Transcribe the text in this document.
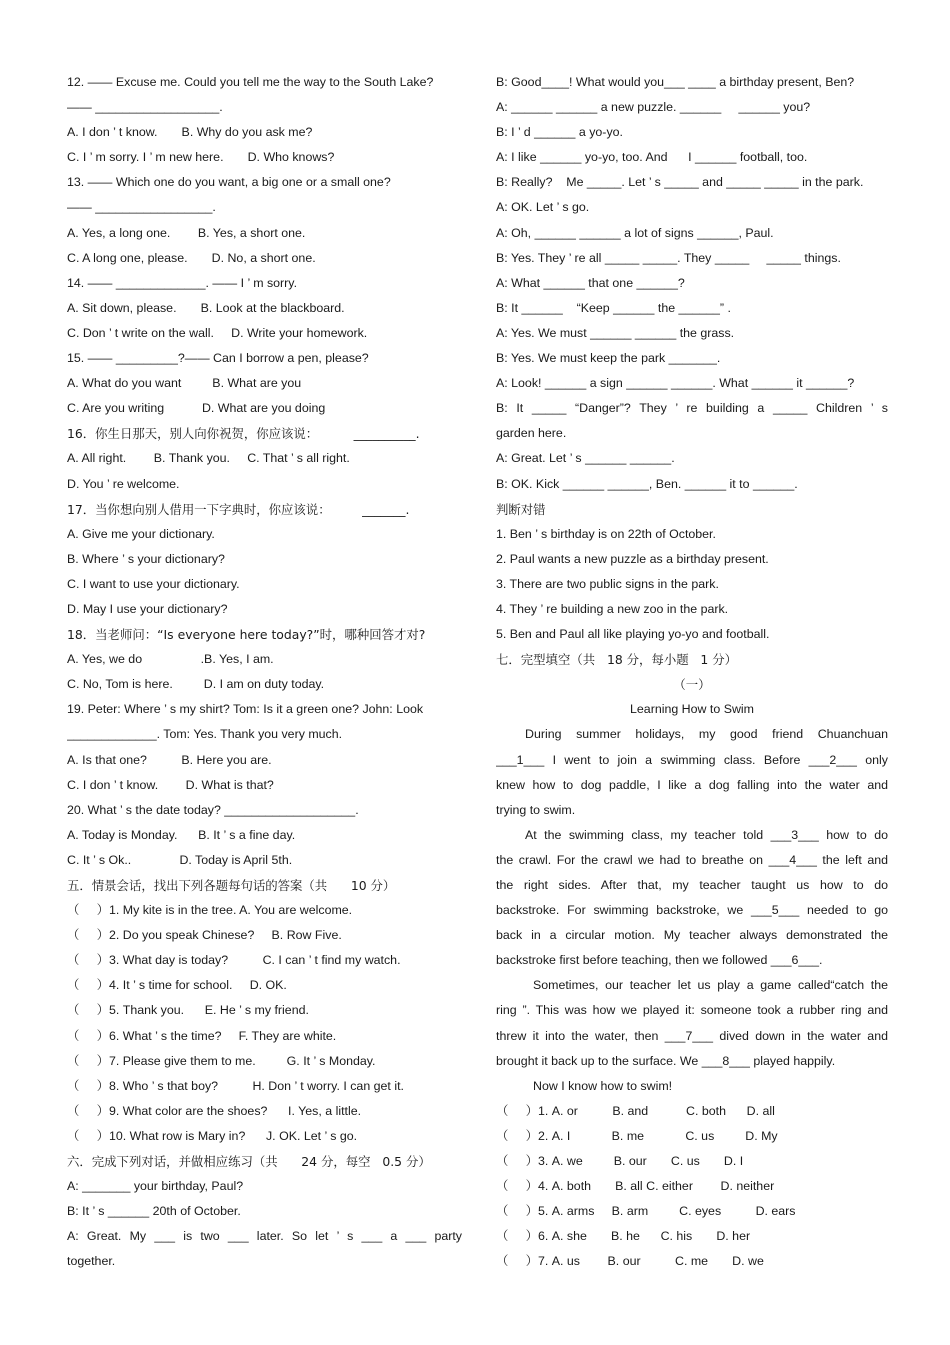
12. —— Excuse me. Could you tell me the way to the South Lake?
—— __________________.
A. I don ’ t know.       B. Why do you ask me?
C. I ’ m sorry. I ’ m new here.       D. Who knows?
13. —— Which one do you want, a big one or a small one?
—— _________________.
A. Yes, a long one.        B. Yes, a short one.
C. A long one, please.       D. No, a short one.
14. —— _____________. —— I ’ m sorry.
A. Sit down, please.       B. Look at the blackboard.
C. Don ’ t write on the wall.     D. Write your homework.
15. —— _________?—— Can I borrow a pen, please?
A. What do you want         B. What are you
C. Are you writing           D. What are you doing
16．你生日那天，别人向你祝贺，你应该说：         __________.
A. All right.        B. Thank you.     C. That ’ s all right.
D. You ’ re welcome.
17．当你想向别人借用一下字典时，你应该说：        _______.
A. Give me your dictionary.
B. Where ’ s your dictionary?
C. I want to use your dictionary.
D. May I use your dictionary?
18．当老师问：“Is everyone here today?”时，哪种回答才对?
A. Yes, we do                 .B. Yes, I am.
C. No, Tom is here.         D. I am on duty today.
19. Peter: Where ’ s my shirt? Tom: Is it a green one? John: Look
_____________. Tom: Yes. Thank you very much.
A. Is that one?          B. Here you are.
C. I don ’ t know.        D. What is that?
20. What ’ s the date today? ___________________.
A. Today is Monday.      B. It ’ s a fine day.
C. It ’ s Ok..              D. Today is April 5th.
五．情景会话，找出下列各题每句话的答案（共      10 分）
（     ）1. My kite is in the tree. A. You are welcome.
（     ）2. Do you speak Chinese?     B. Row Five.
（     ）3. What day is today?          C. I can ’ t find my watch.
（     ）4. It ’ s time for school.     D. OK.
（     ）5. Thank you.      E. He ’ s my friend.
（     ）6. What ’ s the time?     F. They are white.
（     ）7. Please give them to me.         G. It ’ s Monday.
（     ）8. Who ’ s that boy?          H. Don ’ t worry. I can get it.
（     ）9. What color are the shoes?      I. Yes, a little.
（     ）10. What row is Mary in?      J. OK. Let ’ s go.
六．完成下列对话，并做相应练习（共      24 分，每空   0.5 分）
A: _______ your birthday, Paul?
B: It ’ s ______ 20th of October.
A: Great. My ___ is two ___ later. So let ’ s ___ a ___ party
together.
B: Good____! What would you___ ____ a birthday present, Ben?
A: ______ ______ a new puzzle. ______     ______ you?
B: I ’ d ______ a yo-yo.
A: I like ______ yo-yo, too. And      I ______ football, too.
B: Really?    Me _____. Let ’ s _____ and _____ _____ in the park.
A: OK. Let ’ s go.
A: Oh, ______ ______ a lot of signs ______, Paul.
B: Yes. They ’ re all _____ _____. They _____     _____ things.
A: What ______ that one ______?
B: It ______    “Keep ______ the ______” .
A: Yes. We must ______ ______ the grass.
B: Yes. We must keep the park _______.
A: Look! ______ a sign ______ ______. What ______ it ______?
B: It _____ “Danger”? They ’ re building a _____ Children ’ s
garden here.
A: Great. Let ’ s ______ ______.
B: OK. Kick ______ ______, Ben. ______ it to ______.
判断对错
1. Ben ’ s birthday is on 22th of October.
2. Paul wants a new puzzle as a birthday present.
3. There are two public signs in the park.
4. They ’ re building a new zoo in the park.
5. Ben and Paul all like playing yo-yo and football.
七．完型填空（共   18 分，每小题   1 分）
（一）
Learning How to Swim
During summer holidays, my good friend Chuanchuan
___1___ I went to join a swimming class. Before ___2___ only
knew how to dog paddle, I like a dog falling into the water and
trying to swim.
At the swimming class, my teacher told ___3___ how to do
the crawl. For the crawl we had to breathe on ___4___ the left and
the right sides. After that, my teacher taught us how to do
backstroke. For swimming backstroke, we ___5___ needed to go
back in a circular motion. My teacher always demonstrated the
backstroke first before teaching, then we followed ___6___.
Sometimes, our teacher let us play a game called“catch the
ring ”. This was how we played it: someone took a rubber ring and
threw it into the water, then ___7___ dived down in the water and
brought it back up to the surface. We ___8___ played happily.
Now I know how to swim!
（     ）1. A. or          B. and           C. both      D. all
（     ）2. A. I            B. me            C. us         D. My
（     ）3. A. we         B. our       C. us       D. I
（     ）4. A. both       B. all C. either        D. neither
（     ）5. A. arms     B. arm         C. eyes          D. ears
（     ）6. A. she       B. he      C. his       D. her
（     ）7. A. us        B. our          C. me       D. we
